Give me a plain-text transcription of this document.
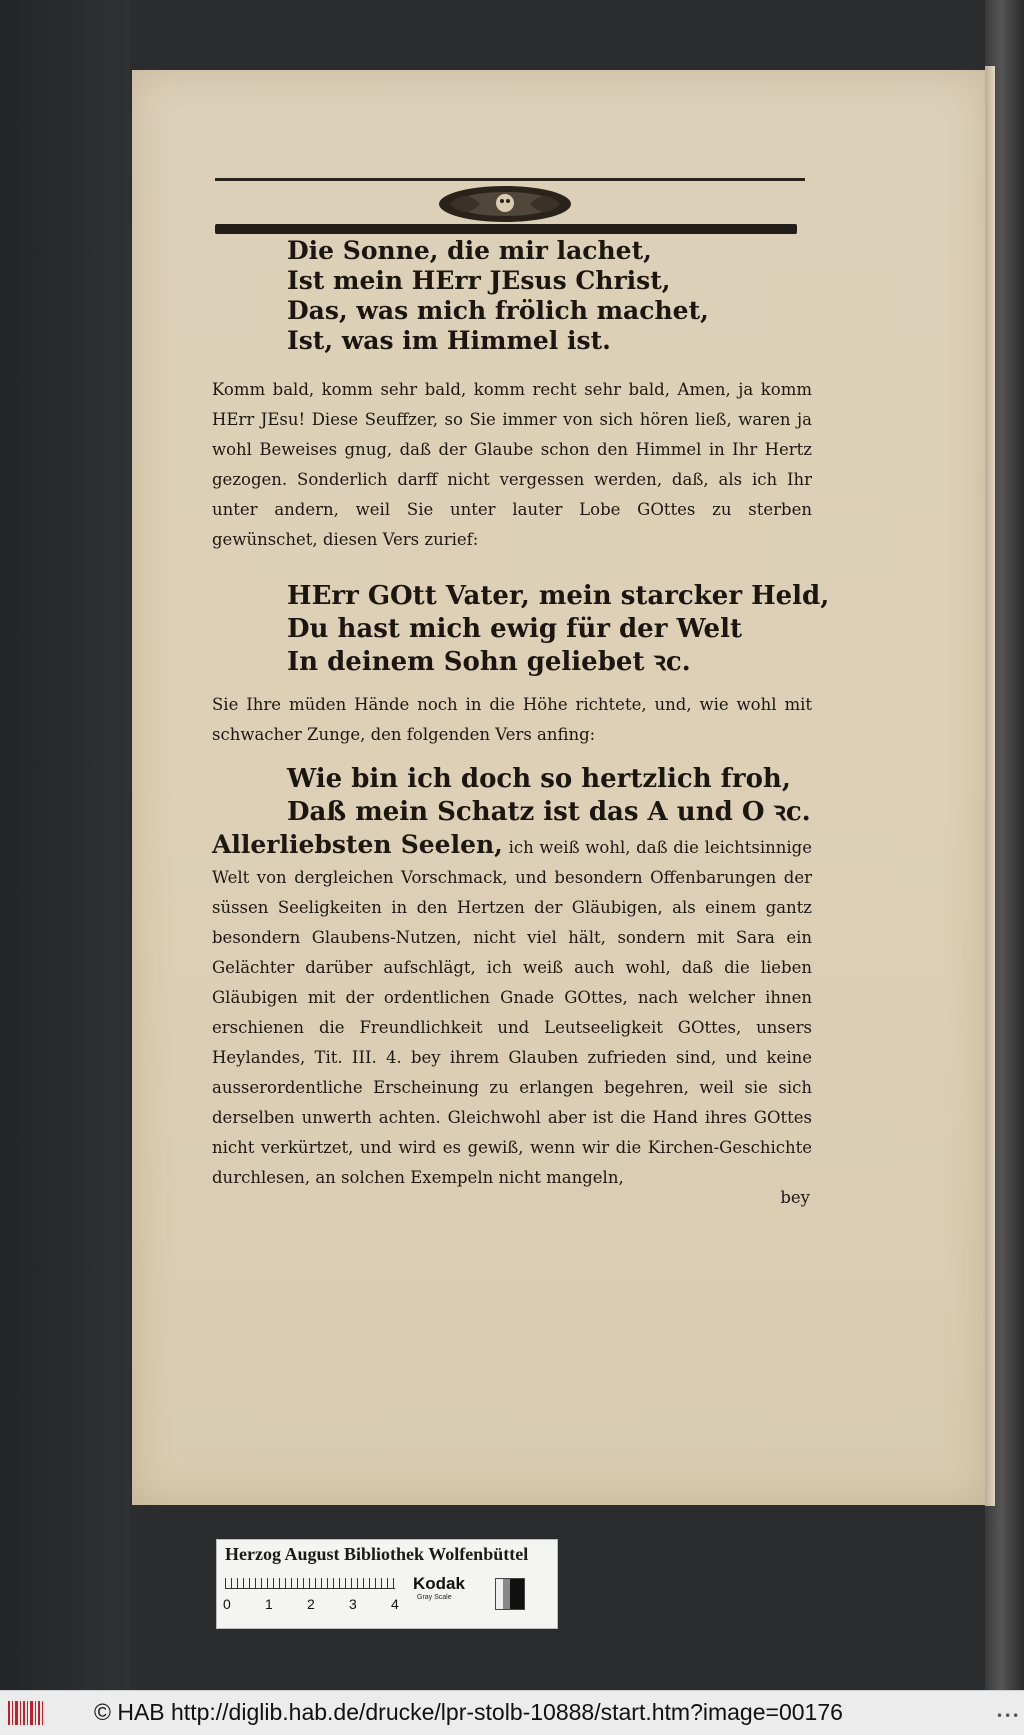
Die Sonne, die mir lachet,
Ist mein HErr JEsus Christ,
Das, was mich frölich machet,
Ist, was im Himmel ist.
Komm bald, komm sehr bald, komm recht sehr bald, Amen, ja komm HErr JEsu! Diese Seuffzer, so Sie immer von sich hören ließ, waren ja wohl Beweises gnug, daß der Glaube schon den Himmel in Ihr Hertz gezogen. Sonderlich darff nicht vergessen werden, daß, als ich Ihr unter andern, weil Sie unter lauter Lobe GOttes zu sterben gewünschet, diesen Vers zurief:
HErr GOtt Vater, mein starcker Held,
Du hast mich ewig für der Welt
In deinem Sohn geliebet ꝛc.
Sie Ihre müden Hände noch in die Höhe richtete, und, wie wohl mit schwacher Zunge, den folgenden Vers anfing:
Wie bin ich doch so hertzlich froh,
Daß mein Schatz ist das A und O ꝛc.
Allerliebsten Seelen, ich weiß wohl, daß die leichtsinnige Welt von dergleichen Vorschmack, und besondern Offenbarungen der süssen Seeligkeiten in den Hertzen der Gläubigen, als einem gantz besondern Glaubens-Nutzen, nicht viel hält, sondern mit Sara ein Gelächter darüber aufschlägt, ich weiß auch wohl, daß die lieben Gläubigen mit der ordentlichen Gnade GOttes, nach welcher ihnen erschienen die Freundlichkeit und Leutseeligkeit GOttes, unsers Heylandes, Tit. III. 4. bey ihrem Glauben zufrieden sind, und keine ausserordentliche Erscheinung zu erlangen begehren, weil sie sich derselben unwerth achten. Gleichwohl aber ist die Hand ihres GOttes nicht verkürtzet, und wird es gewiß, wenn wir die Kirchen-Geschichte durchlesen, an solchen Exempeln nicht mangeln,
bey
Herzog August Bibliothek Wolfenbüttel
0 1 2 3 4
Kodak
Gray Scale
© HAB http://diglib.hab.de/drucke/lpr-stolb-10888/start.htm?image=00176	•••
